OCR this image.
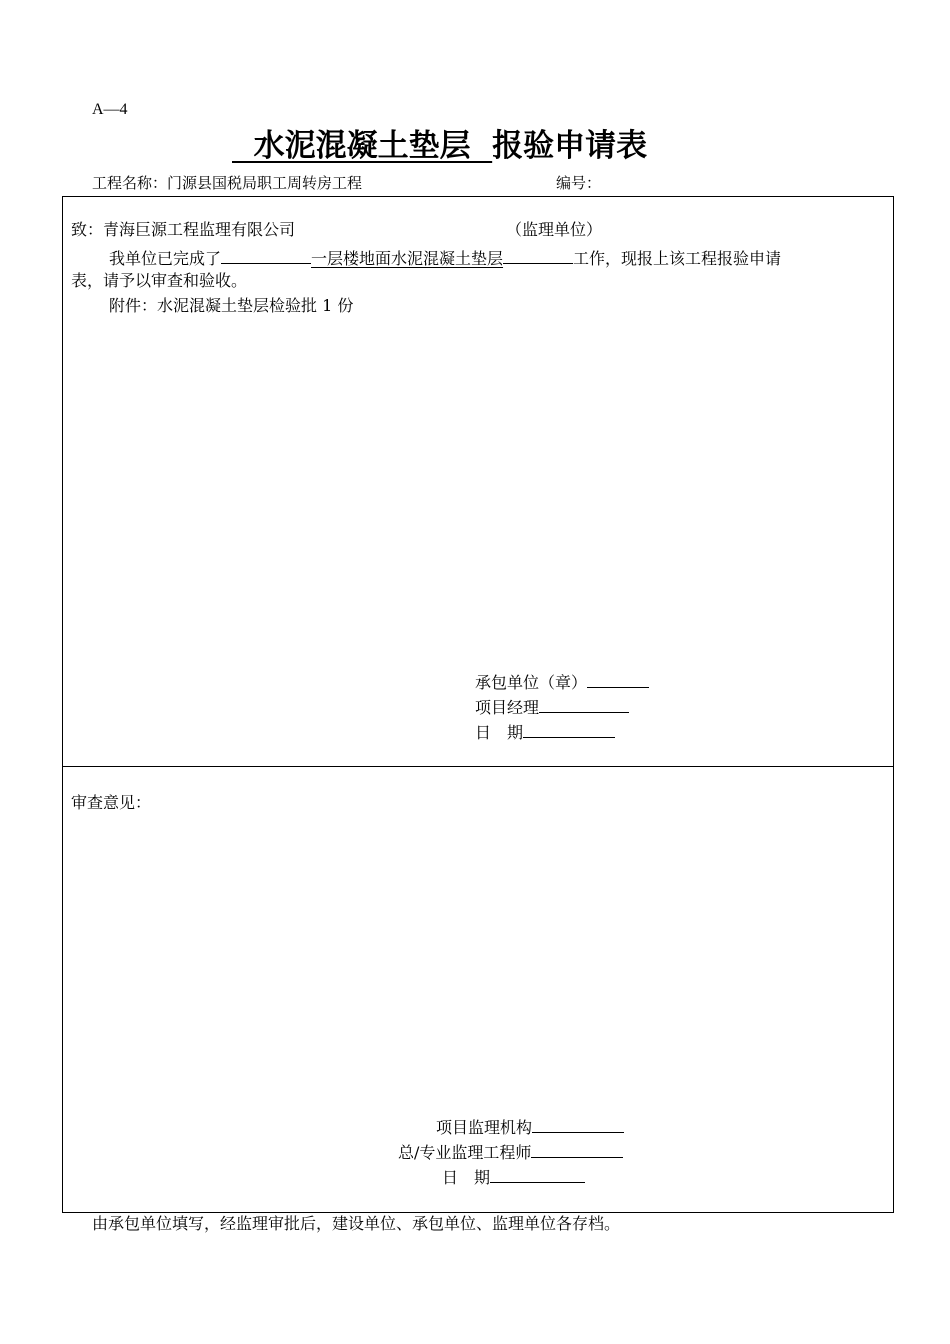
A—4
水泥混凝土垫层  报验申请表
工程名称：门源县国税局职工周转房工程	编号：
致：青海巨源工程监理有限公司	（监理单位）
我单位已完成了	一层楼地面水泥混凝土垫层	工作，现报上该工程报验申请
表，请予以审查和验收。
附件：水泥混凝土垫层检验批 1 份
承包单位（章）
项目经理
日　期
审查意见：
项目监理机构
总/专业监理工程师
日　期
由承包单位填写，经监理审批后，建设单位、承包单位、监理单位各存档。
